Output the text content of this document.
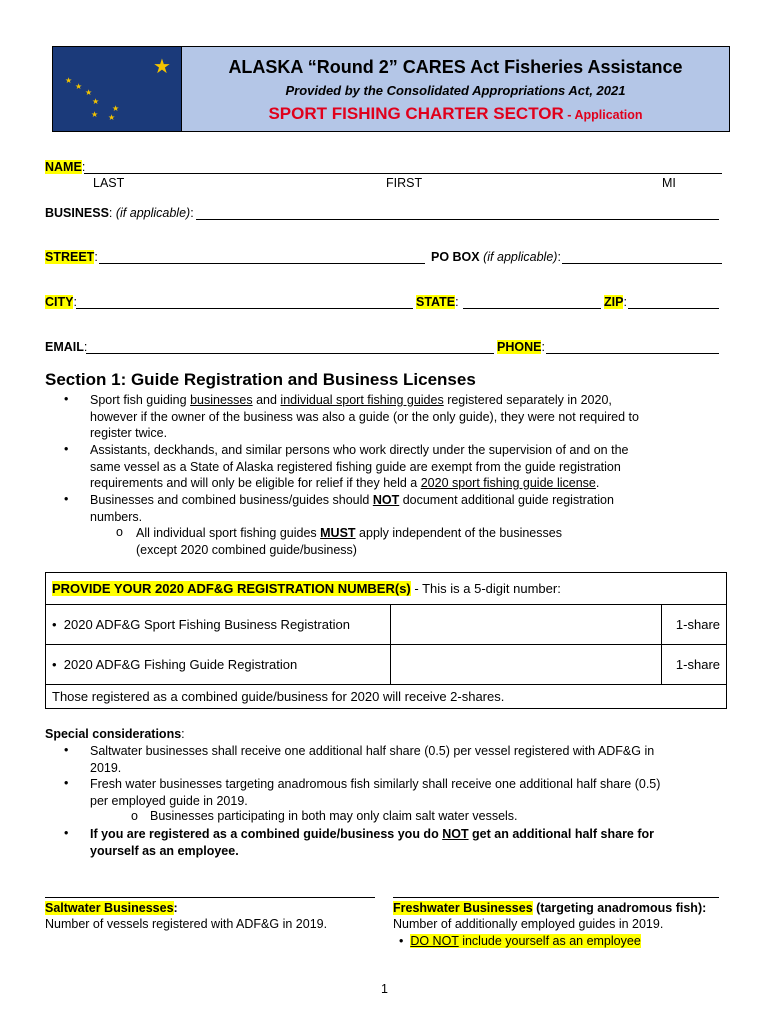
★
★
★
★
★
★
★
★
ALASKA “Round 2” CARES Act Fisheries Assistance
Provided by the Consolidated Appropriations Act, 2021
SPORT FISHING CHARTER SECTOR - Application
NAME:
LAST	FIRST	MI
BUSINESS: (if applicable):
STREET:	PO BOX (if applicable):
CITY:	STATE:	ZIP:
EMAIL:	PHONE:
Section 1: Guide Registration and Business Licenses
• Sport fish guiding businesses and individual sport fishing guides registered separately in 2020,
however if the owner of the business was also a guide (or the only guide), they were not required to
register twice.
• Assistants, deckhands, and similar persons who work directly under the supervision of and on the
same vessel as a State of Alaska registered fishing guide are exempt from the guide registration
requirements and will only be eligible for relief if they held a 2020 sport fishing guide license.
• Businesses and combined business/guides should NOT document additional guide registration
numbers.
o All individual sport fishing guides MUST apply independent of the businesses
(except 2020 combined guide/business)
PROVIDE YOUR 2020 ADF&G REGISTRATION NUMBER(s) - This is a 5-digit number:		
•  2020 ADF&G Sport Fishing Business Registration		1-share
•  2020 ADF&G Fishing Guide Registration		1-share
Those registered as a combined guide/business for 2020 will receive 2-shares.		
Special considerations:
• Saltwater businesses shall receive one additional half share (0.5) per vessel registered with ADF&G in
2019.
• Fresh water businesses targeting anadromous fish similarly shall receive one additional half share (0.5)
per employed guide in 2019.
o Businesses participating in both may only claim salt water vessels.
• If you are registered as a combined guide/business you do NOT get an additional half share for
yourself as an employee.
Saltwater Businesses:
Number of vessels registered with ADF&G in 2019.
Freshwater Businesses (targeting anadromous fish):
Number of additionally employed guides in 2019.
•  DO NOT include yourself as an employee
1
